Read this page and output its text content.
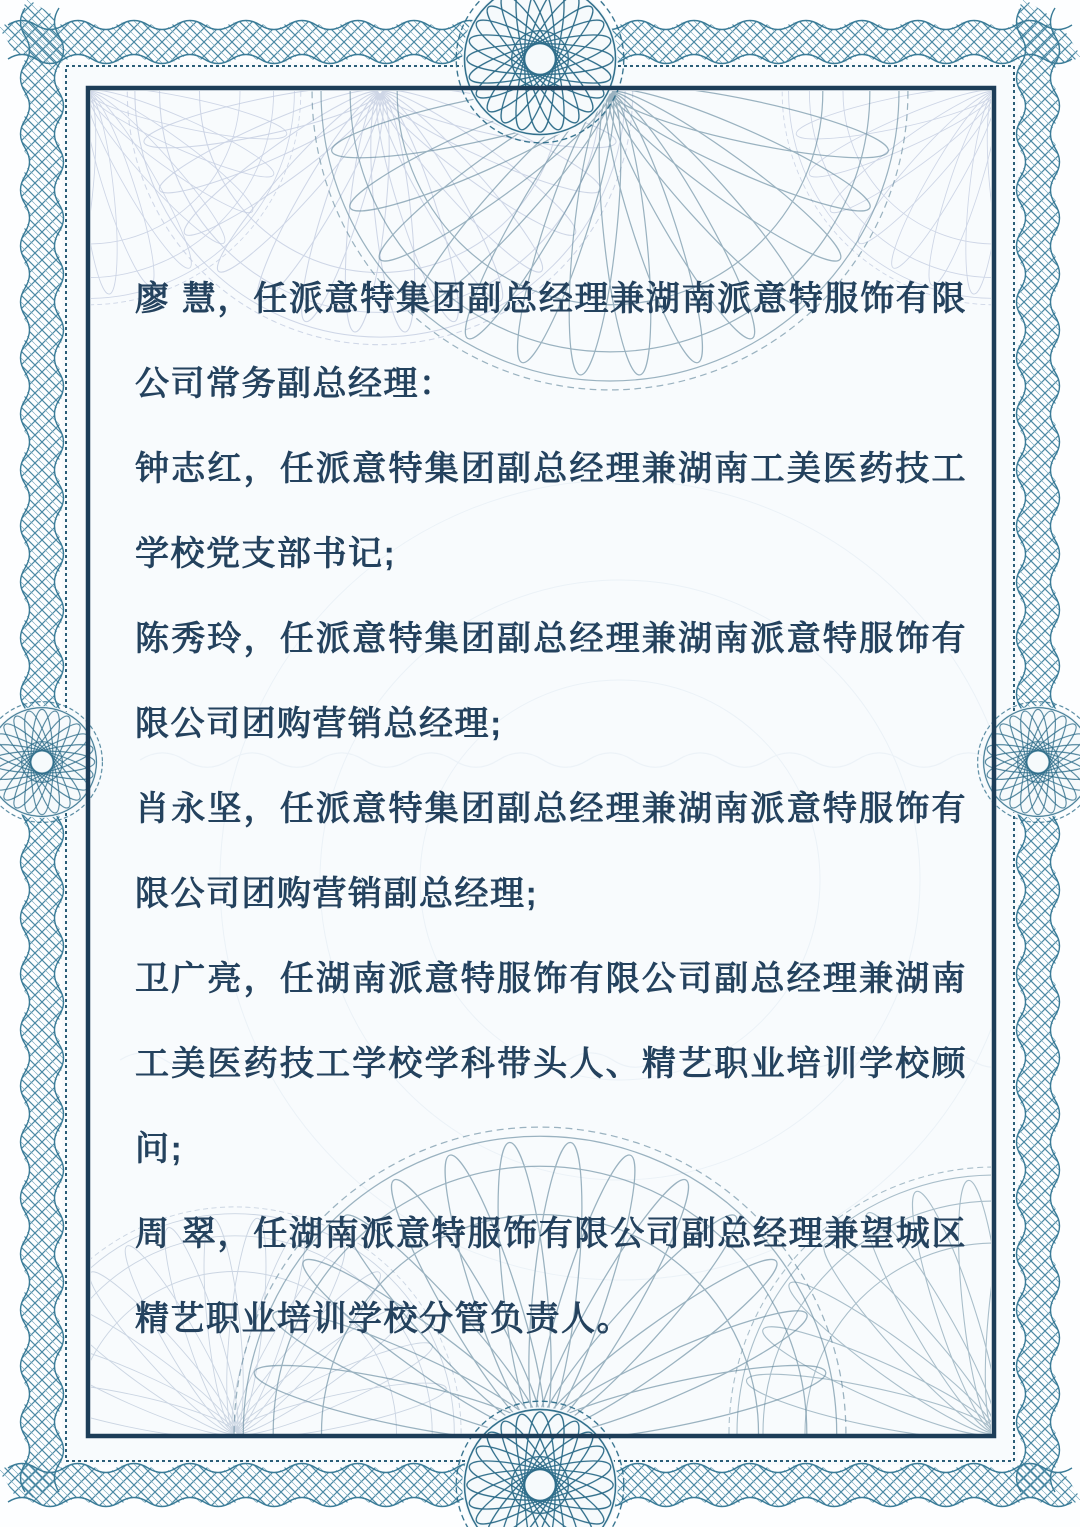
廖 慧，任派意特集团副总经理兼湖南派意特服饰有限公司常务副总经理：

钟志红，任派意特集团副总经理兼湖南工美医药技工学校党支部书记;

陈秀玲，任派意特集团副总经理兼湖南派意特服饰有限公司团购营销总经理;

肖永坚，任派意特集团副总经理兼湖南派意特服饰有限公司团购营销副总经理;

卫广亮，任湖南派意特服饰有限公司副总经理兼湖南工美医药技工学校学科带头人、精艺职业培训学校顾问;

周 翠，任湖南派意特服饰有限公司副总经理兼望城区精艺职业培训学校分管负责人。
